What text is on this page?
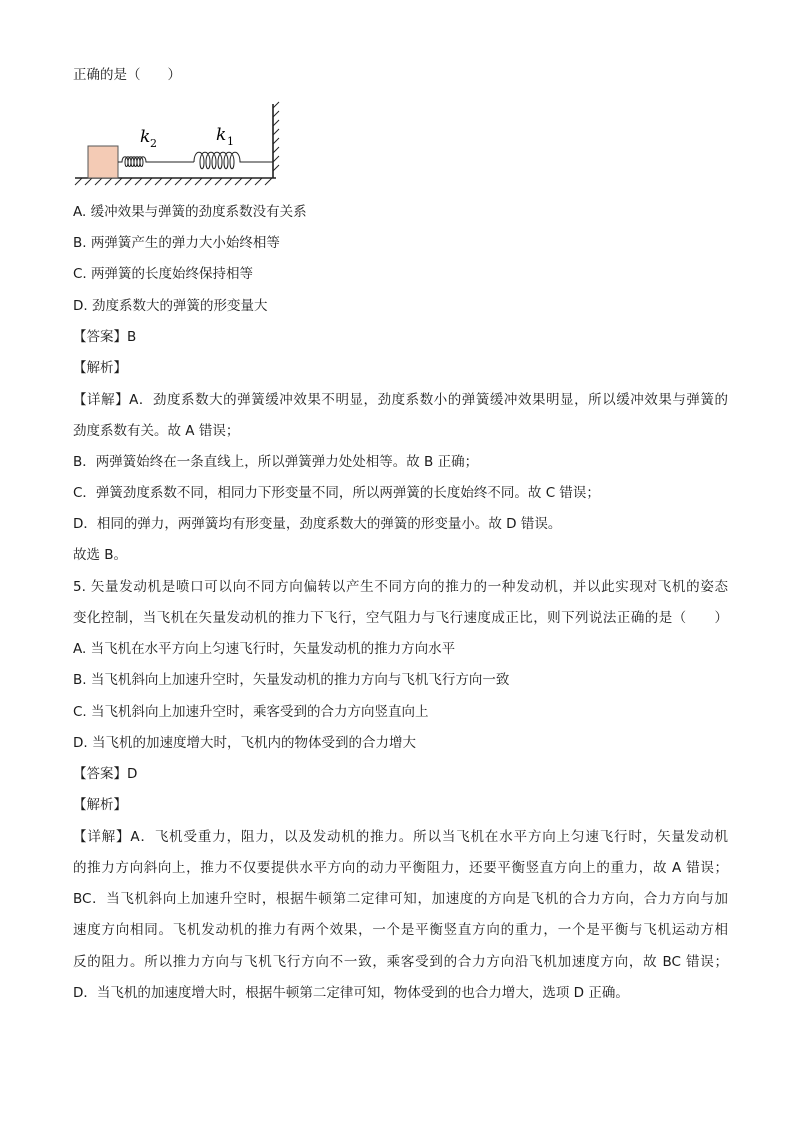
正确的是（　　）
k 2	k 1
A. 缓冲效果与弹簧的劲度系数没有关系
B. 两弹簧产生的弹力大小始终相等
C. 两弹簧的长度始终保持相等
D. 劲度系数大的弹簧的形变量大
【答案】B
【解析】
【详解】A．劲度系数大的弹簧缓冲效果不明显，劲度系数小的弹簧缓冲效果明显，所以缓冲效果与弹簧的
劲度系数有关。故 A 错误；
B．两弹簧始终在一条直线上，所以弹簧弹力处处相等。故 B 正确；
C．弹簧劲度系数不同，相同力下形变量不同，所以两弹簧的长度始终不同。故 C 错误；
D．相同的弹力，两弹簧均有形变量，劲度系数大的弹簧的形变量小。故 D 错误。
故选 B。
5. 矢量发动机是喷口可以向不同方向偏转以产生不同方向的推力的一种发动机，并以此实现对飞机的姿态
变化控制，当飞机在矢量发动机的推力下飞行，空气阻力与飞行速度成正比，则下列说法正确的是（　　）
A. 当飞机在水平方向上匀速飞行时，矢量发动机的推力方向水平
B. 当飞机斜向上加速升空时，矢量发动机的推力方向与飞机飞行方向一致
C. 当飞机斜向上加速升空时，乘客受到的合力方向竖直向上
D. 当飞机的加速度增大时，飞机内的物体受到的合力增大
【答案】D
【解析】
【详解】A．飞机受重力，阻力，以及发动机的推力。所以当飞机在水平方向上匀速飞行时，矢量发动机
的推力方向斜向上，推力不仅要提供水平方向的动力平衡阻力，还要平衡竖直方向上的重力，故 A 错误；
BC．当飞机斜向上加速升空时，根据牛顿第二定律可知，加速度的方向是飞机的合力方向，合力方向与加
速度方向相同。飞机发动机的推力有两个效果，一个是平衡竖直方向的重力，一个是平衡与飞机运动方相
反的阻力。所以推力方向与飞机飞行方向不一致，乘客受到的合力方向沿飞机加速度方向，故 BC 错误；
D．当飞机的加速度增大时，根据牛顿第二定律可知，物体受到的也合力增大，选项 D 正确。
